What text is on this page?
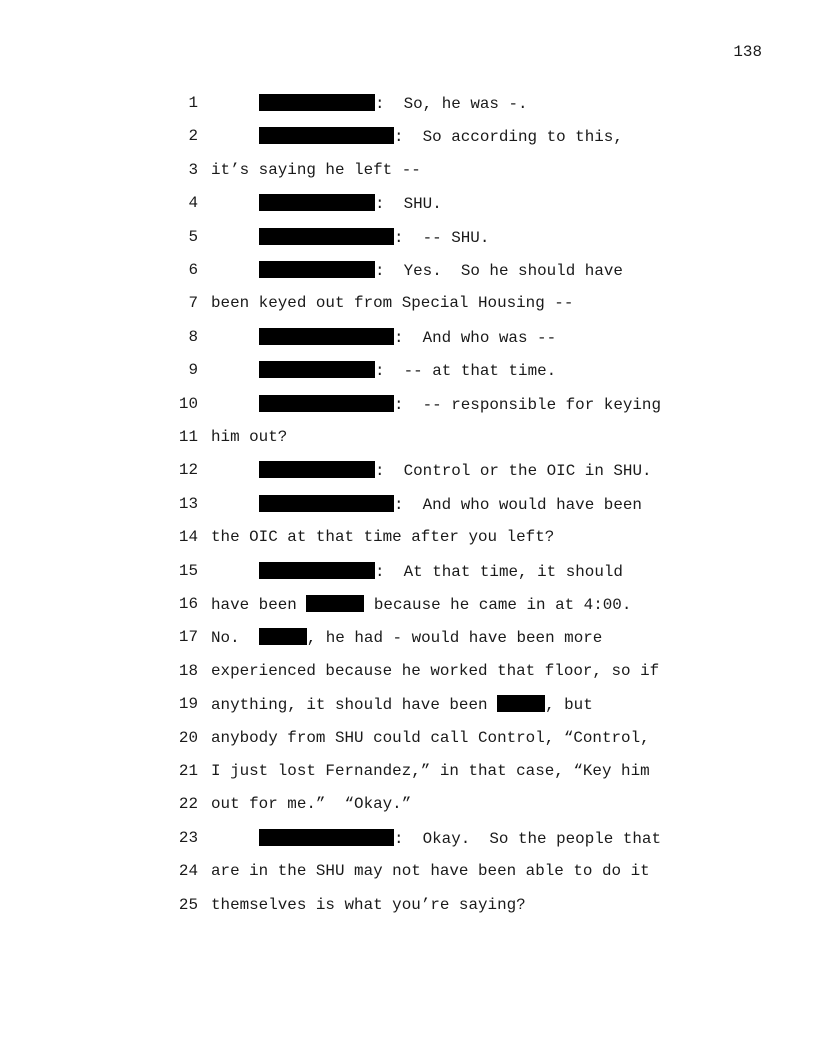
138
1	:  So, he was -.
2	:  So according to this,
3 it’s saying he left --
4	:  SHU.
5	:  -- SHU.
6	:  Yes.  So he should have
7 been keyed out from Special Housing --
8	:  And who was --
9	:  -- at that time.
10	:  -- responsible for keying
11 him out?
12	:  Control or the OIC in SHU.
13	:  And who would have been
14 the OIC at that time after you left?
15	:  At that time, it should
16 have been	because he came in at 4:00.
17 No.	, he had - would have been more
18 experienced because he worked that floor, so if
19 anything, it should have been	, but
20 anybody from SHU could call Control, “Control,
21 I just lost Fernandez,” in that case, “Key him
22 out for me.”  “Okay.”
23	:  Okay.  So the people that
24 are in the SHU may not have been able to do it
25 themselves is what you’re saying?
